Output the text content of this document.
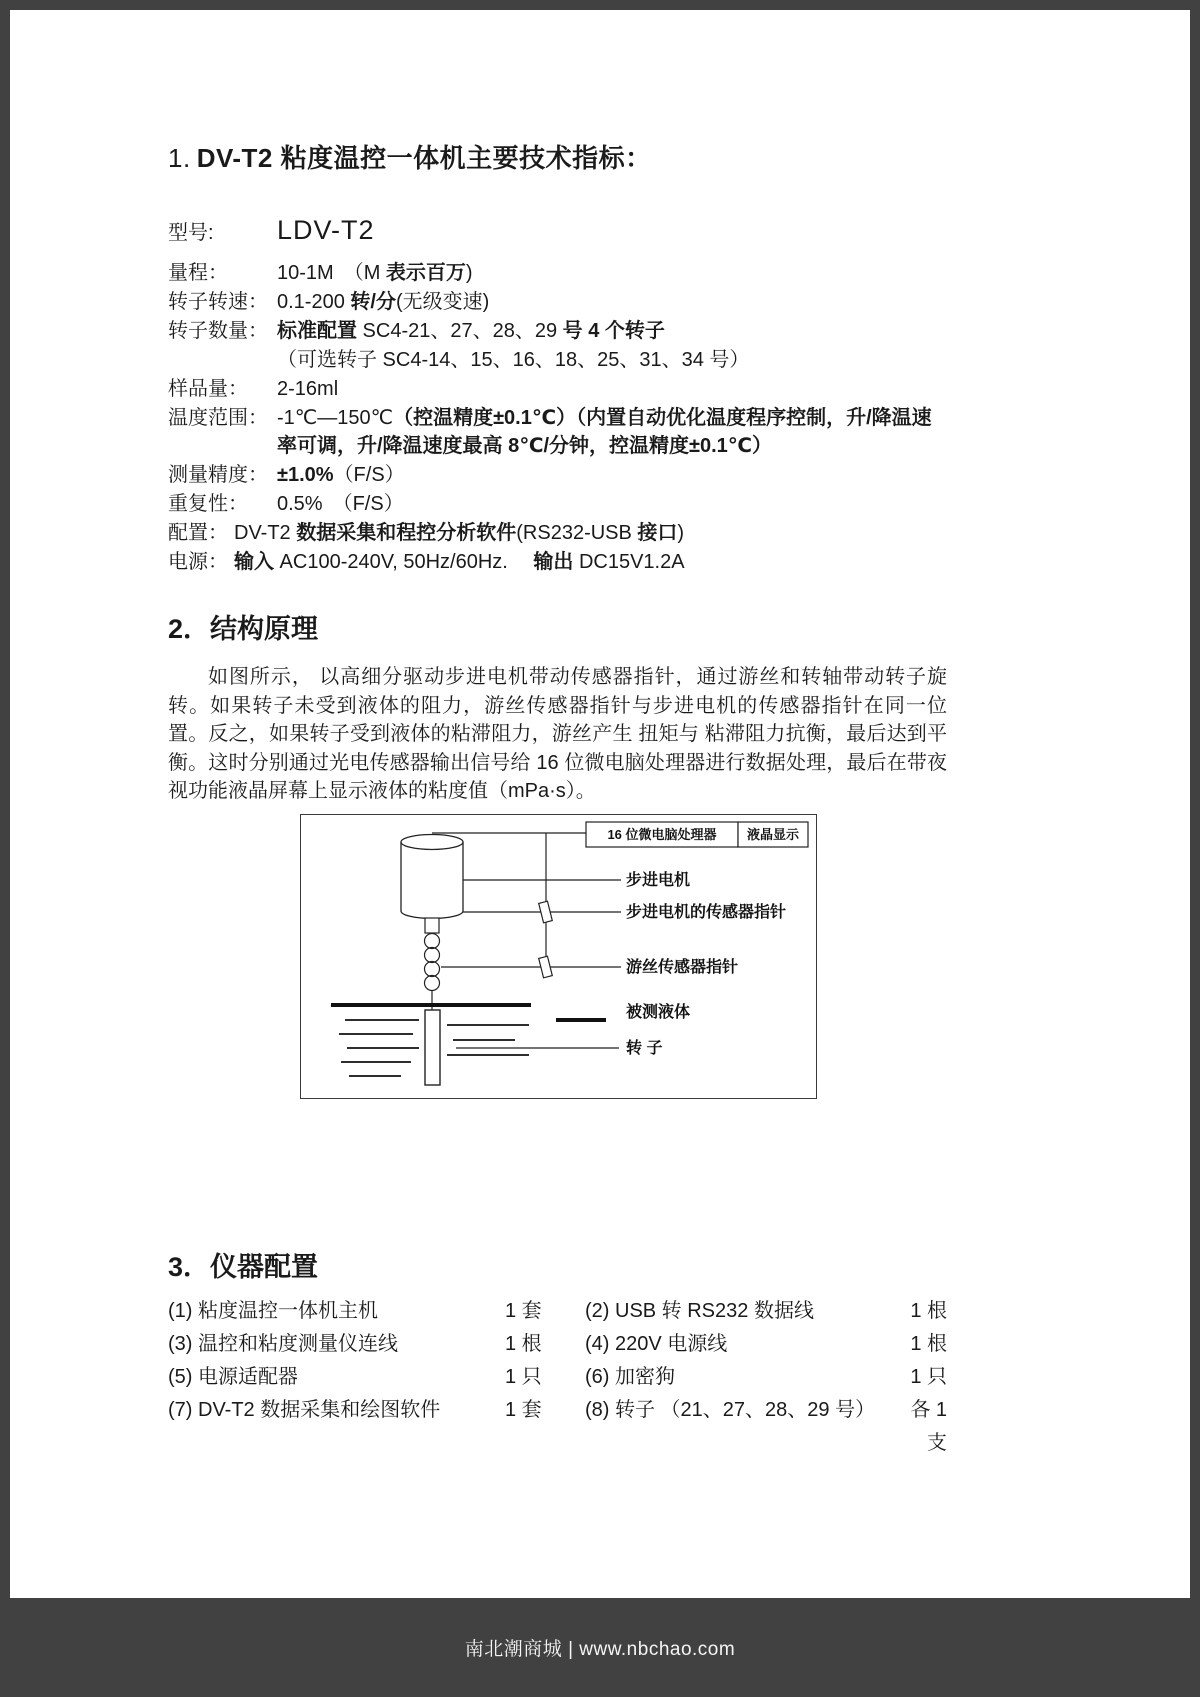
1. DV-T2 粘度温控一体机主要技术指标：
型号:	LDV-T2
量程：	10-1M　（M 表示百万)
转子转速： 0.1-200 转/分(无级变速)
转子数量： 标准配置 SC4-21、27、28、29 号 4 个转子
（可选转子 SC4-14、15、16、18、25、31、34 号）
样品量：	2-16ml
温度范围： -1℃—150℃（控温精度±0.1℃）（内置自动优化温度程序控制，升/降温速率可调，升/降温速度最高 8℃/分钟，控温精度±0.1℃）
测量精度： ±1.0%（F/S）
重复性：	0.5%　（F/S）
配置： DV-T2 数据采集和程控分析软件(RS232-USB 接口)
电源： 输入 AC100-240V, 50Hz/60Hz.　 输出 DC15V1.2A
2．结构原理

如图所示， 以高细分驱动步进电机带动传感器指针，通过游丝和转轴带动转子旋转。如果转子未受到液体的阻力，游丝传感器指针与步进电机的传感器指针在同一位置。反之，如果转子受到液体的粘滞阻力，游丝产生 扭矩与 粘滞阻力抗衡，最后达到平衡。这时分别通过光电传感器输出信号给 16 位微电脑处理器进行数据处理，最后在带夜视功能液晶屏幕上显示液体的粘度值（mPa·s）。

16 位微电脑处理器 液晶显示
步进电机
步进电机的传感器指针
游丝传感器指针
被测液体
转 子
3．仪器配置
(1) 粘度温控一体机主机	1 套	(2) USB 转 RS232 数据线	1 根
(3) 温控和粘度测量仪连线	1 根	(4) 220V 电源线	1 根
(5) 电源适配器	1 只	(6) 加密狗	1 只
(7) DV-T2 数据采集和绘图软件	1 套	(8) 转子 （21、27、28、29 号）	各 1 支
南北潮商城 | www.nbchao.com
